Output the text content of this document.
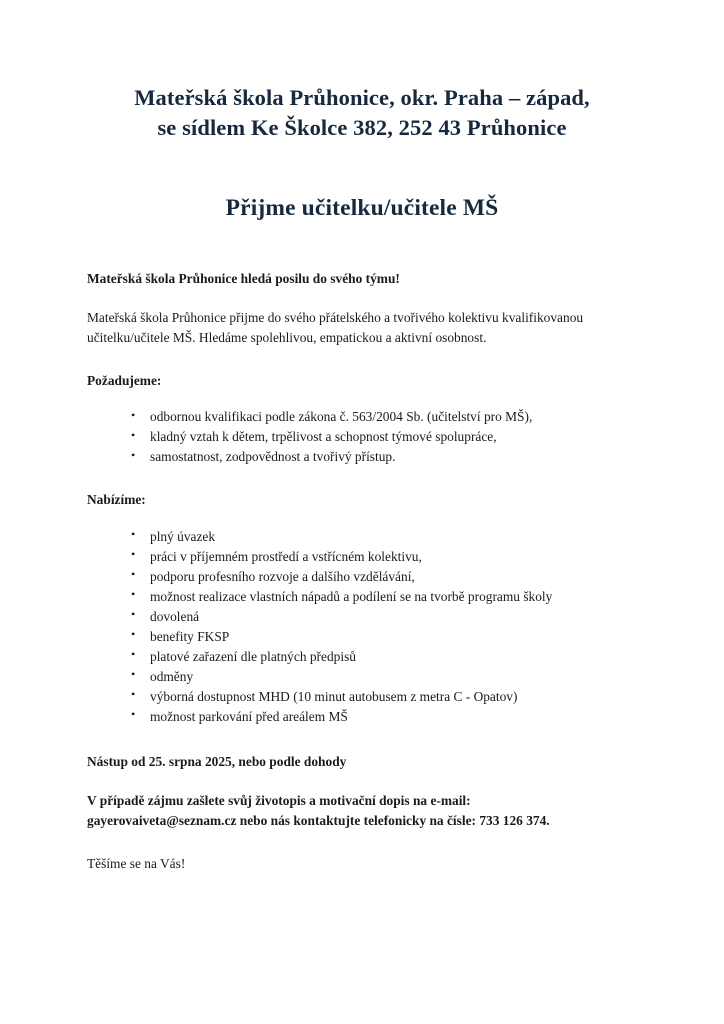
Mateřská škola Průhonice, okr. Praha – západ,
se sídlem Ke Školce 382, 252 43 Průhonice
Přijme učitelku/učitele MŠ

Mateřská škola Průhonice hledá posilu do svého týmu!

Mateřská škola Průhonice přijme do svého přátelského a tvořivého kolektivu kvalifikovanou učitelku/učitele MŠ. Hledáme spolehlivou, empatickou a aktivní osobnost.

Požadujeme:

• odbornou kvalifikaci podle zákona č. 563/2004 Sb. (učitelství pro MŠ),
• kladný vztah k dětem, trpělivost a schopnost týmové spolupráce,
• samostatnost, zodpovědnost a tvořivý přístup.

Nabízíme:

• plný úvazek
• práci v příjemném prostředí a vstřícném kolektivu,
• podporu profesního rozvoje a dalšího vzdělávání,
• možnost realizace vlastních nápadů a podílení se na tvorbě programu školy
• dovolená
• benefity FKSP
• platové zařazení dle platných předpisů
• odměny
• výborná dostupnost MHD (10 minut autobusem z metra C - Opatov)
• možnost parkování před areálem MŠ

Nástup od 25. srpna 2025, nebo podle dohody

V případě zájmu zašlete svůj životopis a motivační dopis na e-mail:

gayerovaiveta@seznam.cz nebo nás kontaktujte telefonicky na čísle: 733 126 374.

Těšíme se na Vás!
